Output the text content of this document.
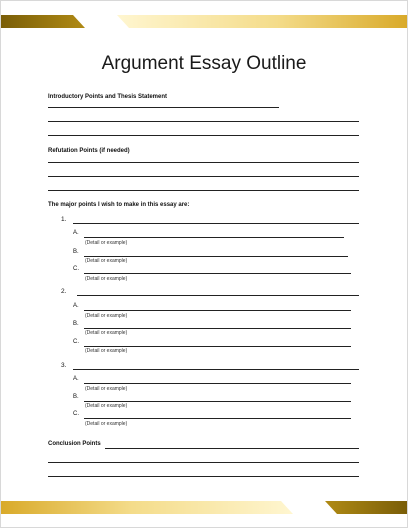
Argument Essay Outline
Introductory Points and Thesis Statement
Refutation Points (if needed)
The major points I wish to make in this essay are:
1.
A.
(Detail or example)
B.
(Detail or example)
C.
(Detail or example)
2.
A.
(Detail or example)
B.
(Detail or example)
C.
(Detail or example)
3.
A.
(Detail or example)
B.
(Detail or example)
C.
(Detail or example)
Conclusion Points
